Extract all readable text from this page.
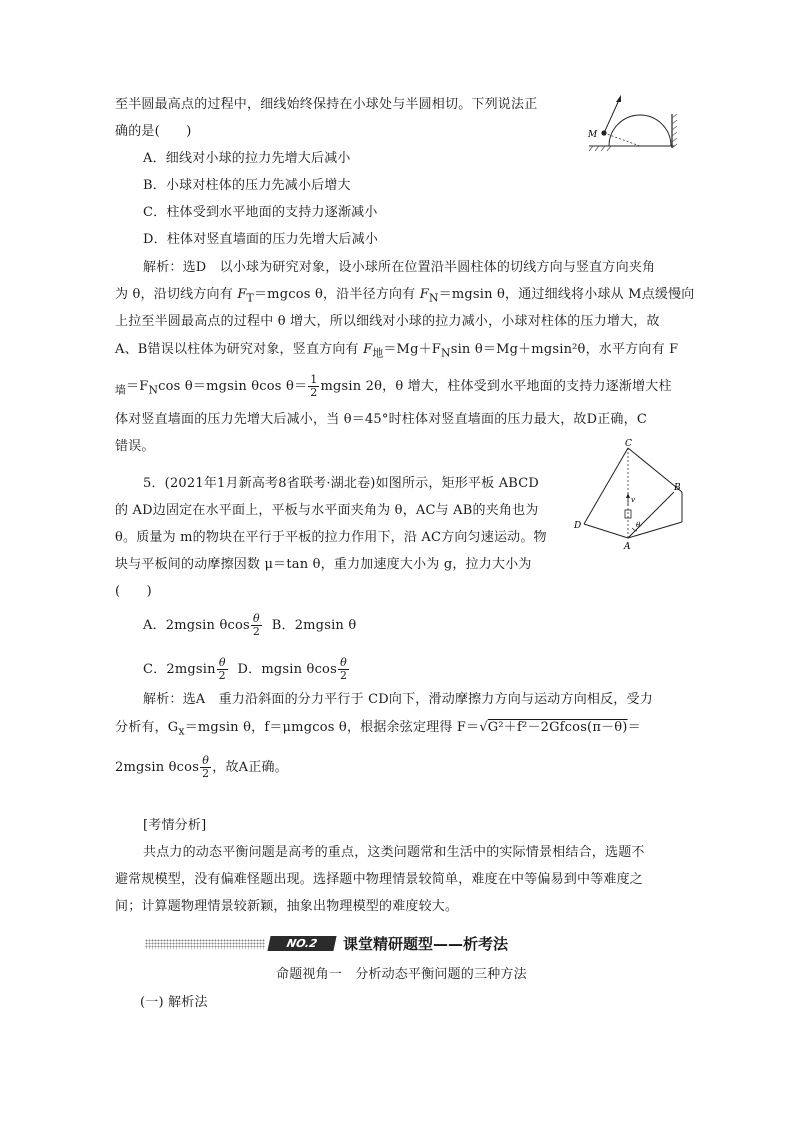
M
至半圆最高点的过程中，细线始终保持在小球处与半圆相切。下列说法正
确的是(　　)
A．细线对小球的拉力先增大后减小
B．小球对柱体的压力先减小后增大
C．柱体受到水平地面的支持力逐渐减小
D．柱体对竖直墙面的压力先增大后减小
解析：选D　以小球为研究对象，设小球所在位置沿半圆柱体的切线方向与竖直方向夹角
为 θ，沿切线方向有 $F_T=mgcos$ θ，沿半径方向有 $F_N=mgsin$ θ，通过细线将小球从 M点缓慢向
上拉至半圆最高点的过程中 θ 增大，所以细线对小球的拉力减小，小球对柱体的压力增大，故
A、B错误以柱体为研究对象，竖直方向有 $F_地=Mg+F_N\sin$ θ＝Mg＋mgsin²θ，水平方向有 F
$_墙=F_N\cos$ θ＝mgsin θcos $\theta= \frac{1}{2}$ mgsin 2θ，θ 增大，柱体受到水平地面的支持力逐渐增大柱
体对竖直墙面的压力先增大后减小，当 θ＝45°时柱体对竖直墙面的压力最大，故D正确，C
错误。	C
B
D
A
v
θ
5．(2021年1月新高考8省联考·湖北卷)如图所示，矩形平板 ABCD
的 AD边固定在水平面上，平板与水平面夹角为 θ，AC与 AB的夹角也为
θ。质量为 m的物块在平行于平板的拉力作用下，沿 AC方向匀速运动。物
块与平板间的动摩擦因数 μ＝tan θ，重力加速度大小为 g，拉力大小为
(　　)
A．2mgsin θcos $\frac{\theta}{2}$ B．2mgsin θ
C．$2mgsin \frac{\theta}{2}$ D．mgsin θcos $\frac{\theta}{2}$
解析：选A　重力沿斜面的分力平行于 CD向下，滑动摩擦力方向与运动方向相反，受力
分析有，$G_x=mgsin$ θ，f＝μmgcos θ，根据余弦定理得 F＝√G²＋f²－2Gfcos(π－θ)＝
2mgsin θcos $\frac{\theta}{2}$ ，故A正确。
[考情分析]
共点力的动态平衡问题是高考的重点，这类问题常和生活中的实际情景相结合，选题不
避常规模型，没有偏难怪题出现。选择题中物理情景较简单，难度在中等偏易到中等难度之
间；计算题物理情景较新颖，抽象出物理模型的难度较大。
NO.2	课堂精研题型——析考法
命题视角一　分析动态平衡问题的三种方法
(一) 解析法
